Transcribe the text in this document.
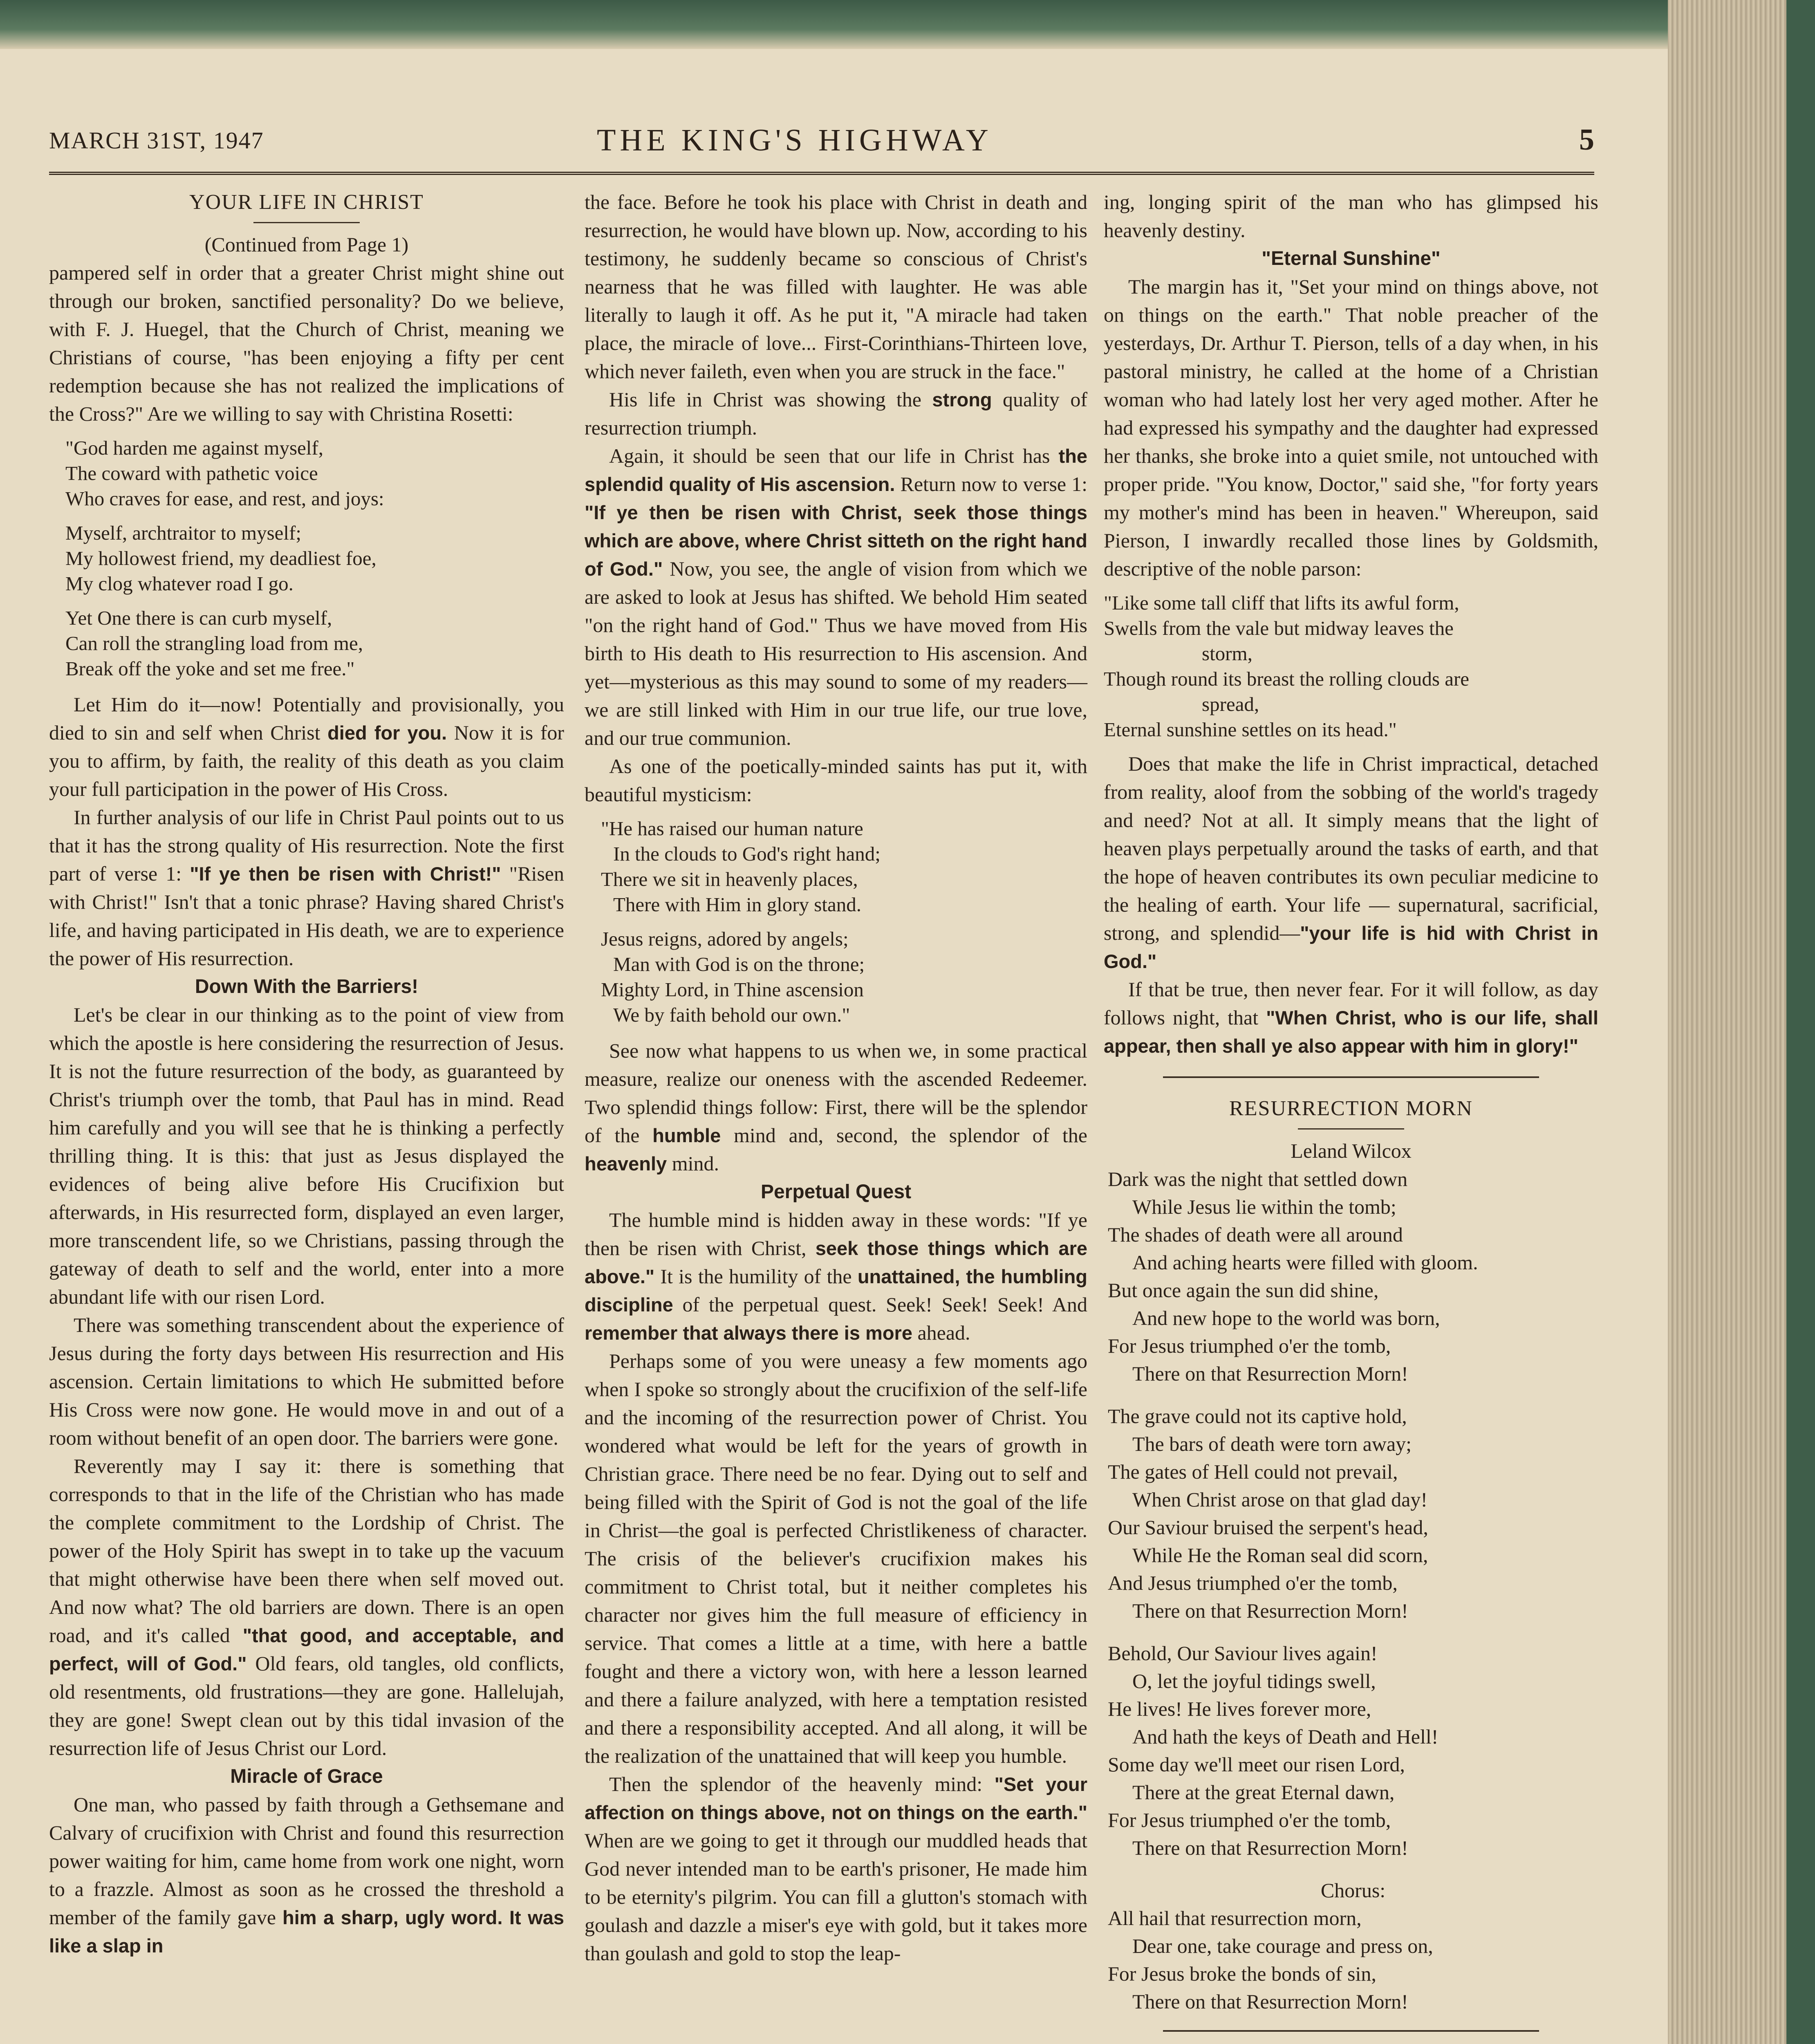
MARCH 31ST, 1947	THE KING'S HIGHWAY	5
YOUR LIFE IN CHRIST
(Continued from Page 1)

pampered self in order that a greater Christ might shine out through our broken, sanctified personality? Do we believe, with F. J. Huegel, that the Church of Christ, meaning we Christians of course, "has been enjoying a fifty per cent redemption because she has not realized the implications of the Cross?" Are we willing to say with Christina Rosetti:

"God harden me against myself,
The coward with pathetic voice
Who craves for ease, and rest, and joys:
Myself, archtraitor to myself;
My hollowest friend, my deadliest foe,
My clog whatever road I go.
Yet One there is can curb myself,
Can roll the strangling load from me,
Break off the yoke and set me free."

Let Him do it—now! Potentially and provisionally, you died to sin and self when Christ died for you. Now it is for you to affirm, by faith, the reality of this death as you claim your full participation in the power of His Cross.

In further analysis of our life in Christ Paul points out to us that it has the strong quality of His resurrection. Note the first part of verse 1: "If ye then be risen with Christ!" "Risen with Christ!" Isn't that a tonic phrase? Having shared Christ's life, and having participated in His death, we are to experience the power of His resurrection.

Down With the Barriers!

Let's be clear in our thinking as to the point of view from which the apostle is here considering the resurrection of Jesus. It is not the future resurrection of the body, as guaranteed by Christ's triumph over the tomb, that Paul has in mind. Read him carefully and you will see that he is thinking a perfectly thrilling thing. It is this: that just as Jesus displayed the evidences of being alive before His Crucifixion but afterwards, in His resurrected form, displayed an even larger, more transcendent life, so we Christians, passing through the gateway of death to self and the world, enter into a more abundant life with our risen Lord.

There was something transcendent about the experience of Jesus during the forty days between His resurrection and His ascension. Certain limitations to which He submitted before His Cross were now gone. He would move in and out of a room without benefit of an open door. The barriers were gone.

Reverently may I say it: there is something that corresponds to that in the life of the Christian who has made the complete commitment to the Lordship of Christ. The power of the Holy Spirit has swept in to take up the vacuum that might otherwise have been there when self moved out. And now what? The old barriers are down. There is an open road, and it's called "that good, and acceptable, and perfect, will of God." Old fears, old tangles, old conflicts, old resentments, old frustrations—they are gone. Hallelujah, they are gone! Swept clean out by this tidal invasion of the resurrection life of Jesus Christ our Lord.

Miracle of Grace

One man, who passed by faith through a Gethsemane and Calvary of crucifixion with Christ and found this resurrection power waiting for him, came home from work one night, worn to a frazzle. Almost as soon as he crossed the threshold a member of the family gave him a sharp, ugly word. It was like a slap in

the face. Before he took his place with Christ in death and resurrection, he would have blown up. Now, according to his testimony, he suddenly became so conscious of Christ's nearness that he was filled with laughter. He was able literally to laugh it off. As he put it, "A miracle had taken place, the miracle of love... First-Corinthians-Thirteen love, which never faileth, even when you are struck in the face."

His life in Christ was showing the strong quality of resurrection triumph.

Again, it should be seen that our life in Christ has the splendid quality of His ascension. Return now to verse 1: "If ye then be risen with Christ, seek those things which are above, where Christ sitteth on the right hand of God." Now, you see, the angle of vision from which we are asked to look at Jesus has shifted. We behold Him seated "on the right hand of God." Thus we have moved from His birth to His death to His resurrection to His ascension. And yet—mysterious as this may sound to some of my readers— we are still linked with Him in our true life, our true love, and our true communion.

As one of the poetically-minded saints has put it, with beautiful mysticism:

"He has raised our human nature
In the clouds to God's right hand;
There we sit in heavenly places,
There with Him in glory stand.
Jesus reigns, adored by angels;
Man with God is on the throne;
Mighty Lord, in Thine ascension
We by faith behold our own."

See now what happens to us when we, in some practical measure, realize our oneness with the ascended Redeemer. Two splendid things follow: First, there will be the splendor of the humble mind and, second, the splendor of the heavenly mind.

Perpetual Quest

The humble mind is hidden away in these words: "If ye then be risen with Christ, seek those things which are above." It is the humility of the unattained, the humbling discipline of the perpetual quest. Seek! Seek! Seek! And remember that always there is more ahead.

Perhaps some of you were uneasy a few moments ago when I spoke so strongly about the crucifixion of the self-life and the incoming of the resurrection power of Christ. You wondered what would be left for the years of growth in Christian grace. There need be no fear. Dying out to self and being filled with the Spirit of God is not the goal of the life in Christ—the goal is perfected Christlikeness of character. The crisis of the believer's crucifixion makes his commitment to Christ total, but it neither completes his character nor gives him the full measure of efficiency in service. That comes a little at a time, with here a battle fought and there a victory won, with here a lesson learned and there a failure analyzed, with here a temptation resisted and there a responsibility accepted. And all along, it will be the realization of the unattained that will keep you humble.

Then the splendor of the heavenly mind: "Set your affection on things above, not on things on the earth." When are we going to get it through our muddled heads that God never intended man to be earth's prisoner, He made him to be eternity's pilgrim. You can fill a glutton's stomach with goulash and dazzle a miser's eye with gold, but it takes more than goulash and gold to stop the leap-

ing, longing spirit of the man who has glimpsed his heavenly destiny.

"Eternal Sunshine"

The margin has it, "Set your mind on things above, not on things on the earth." That noble preacher of the yesterdays, Dr. Arthur T. Pierson, tells of a day when, in his pastoral ministry, he called at the home of a Christian woman who had lately lost her very aged mother. After he had expressed his sympathy and the daughter had expressed her thanks, she broke into a quiet smile, not untouched with proper pride. "You know, Doctor," said she, "for forty years my mother's mind has been in heaven." Whereupon, said Pierson, I inwardly recalled those lines by Goldsmith, descriptive of the noble parson:

"Like some tall cliff that lifts its awful form,
Swells from the vale but midway leaves the
storm,
Though round its breast the rolling clouds are
spread,
Eternal sunshine settles on its head."

Does that make the life in Christ impractical, detached from reality, aloof from the sobbing of the world's tragedy and need? Not at all. It simply means that the light of heaven plays perpetually around the tasks of earth, and that the hope of heaven contributes its own peculiar medicine to the healing of earth. Your life — supernatural, sacrificial, strong, and splendid—"your life is hid with Christ in God."

If that be true, then never fear. For it will follow, as day follows night, that "When Christ, who is our life, shall appear, then shall ye also appear with him in glory!"

RESURRECTION MORN
Leland Wilcox
Dark was the night that settled down
While Jesus lie within the tomb;
The shades of death were all around
And aching hearts were filled with gloom.
But once again the sun did shine,
And new hope to the world was born,
For Jesus triumphed o'er the tomb,
There on that Resurrection Morn!
The grave could not its captive hold,
The bars of death were torn away;
The gates of Hell could not prevail,
When Christ arose on that glad day!
Our Saviour bruised the serpent's head,
While He the Roman seal did scorn,
And Jesus triumphed o'er the tomb,
There on that Resurrection Morn!
Behold, Our Saviour lives again!
O, let the joyful tidings swell,
He lives! He lives forever more,
And hath the keys of Death and Hell!
Some day we'll meet our risen Lord,
There at the great Eternal dawn,
For Jesus triumphed o'er the tomb,
There on that Resurrection Morn!
Chorus:
All hail that resurrection morn,
Dear one, take courage and press on,
For Jesus broke the bonds of sin,
There on that Resurrection Morn!
